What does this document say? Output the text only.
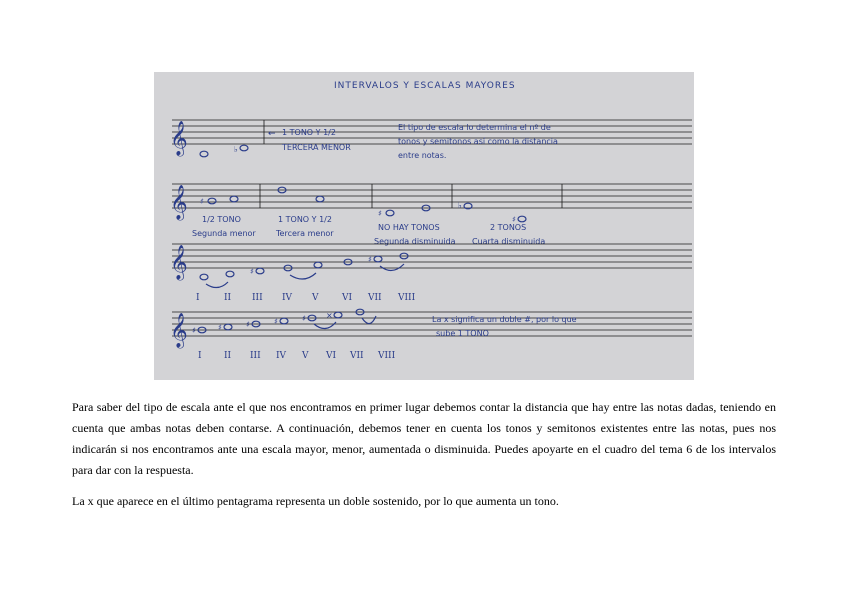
INTERVALOS Y ESCALAS MAYORES
𝄞	♭
← 1 TONO Y 1/2
TERCERA MENOR
El tipo de escala lo determina el nº de
tonos y semitonos así como la distancia
entre notas.
𝄞 ♯
♯
♭
♯
1/2 TONO
Segunda menor
1 TONO Y 1/2
Tercera menor
NO HAY TONOS
Segunda disminuida
2 TONOS
Cuarta disminuida
𝄞	♯
♯
I	II III IV V	VI VII VIII
𝄞 ♯	♯	♯	♯	♯	×	La x significa un doble #, por lo que
sube 1 TONO
I II III IV V VI VII VIII

Para saber del tipo de escala ante el que nos encontramos en primer lugar debemos contar la distancia que hay entre las notas dadas, teniendo en cuenta que ambas notas deben contarse. A continuación, debemos tener en cuenta los tonos y semitonos existentes entre las notas, pues nos indicarán si nos encontramos ante una escala mayor, menor, aumentada o disminuida. Puedes apoyarte en el cuadro del tema 6 de los intervalos para dar con la respuesta.

La x que aparece en el último pentagrama representa un doble sostenido, por lo que aumenta un tono.
